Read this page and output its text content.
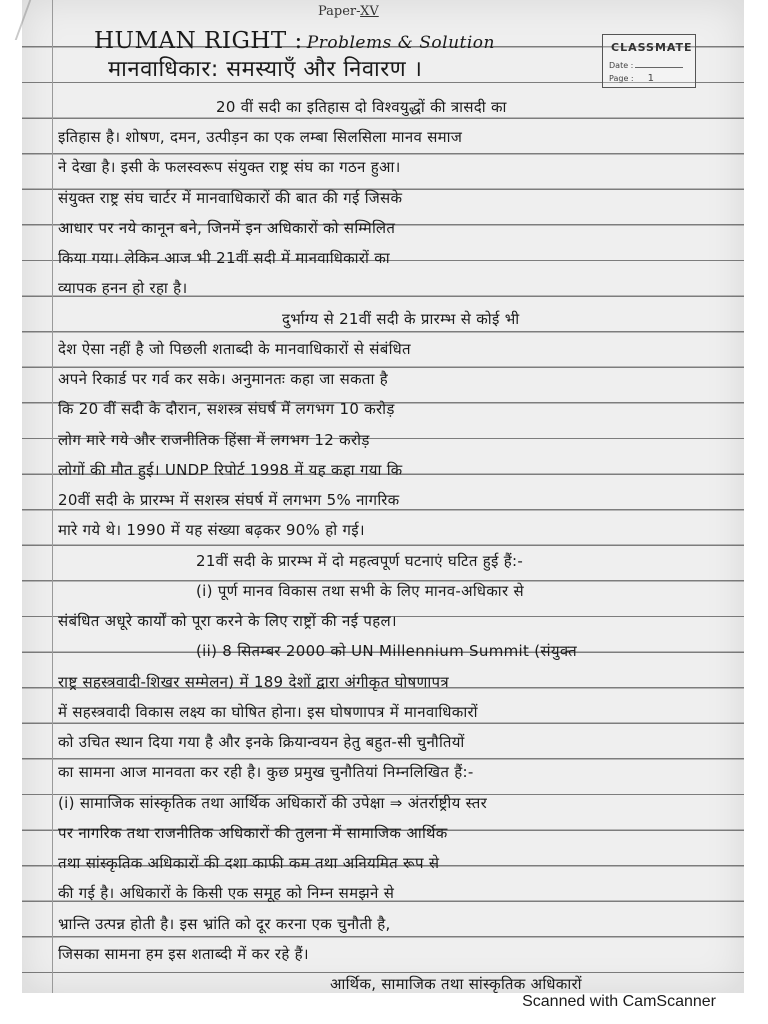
Paper-XV
HUMAN RIGHT : Problems & Solution
मानवाधिकार: समस्याएँ और निवारण ।
CLASSMATE
Date :
Page : 1
20 वीं सदी का इतिहास दो विश्वयुद्धों की त्रासदी का
इतिहास है। शोषण, दमन, उत्पीड़न का एक लम्बा सिलसिला मानव समाज
ने देखा है। इसी के फलस्वरूप संयुक्त राष्ट्र संघ का गठन हुआ।
संयुक्त राष्ट्र संघ चार्टर में मानवाधिकारों की बात की गई जिसके
आधार पर नये कानून बने, जिनमें इन अधिकारों को सम्मिलित
किया गया। लेकिन आज भी 21वीं सदी में मानवाधिकारों का
व्यापक हनन हो रहा है।
दुर्भाग्य से 21वीं सदी के प्रारम्भ से कोई भी
देश ऐसा नहीं है जो पिछली शताब्दी के मानवाधिकारों से संबंधित
अपने रिकार्ड पर गर्व कर सके। अनुमानतः कहा जा सकता है
कि 20 वीं सदी के दौरान, सशस्त्र संघर्ष में लगभग 10 करोड़
लोग मारे गये और राजनीतिक हिंसा में लगभग 12 करोड़
लोगों की मौत हुई। UNDP रिपोर्ट 1998 में यह कहा गया कि
20वीं सदी के प्रारम्भ में सशस्त्र संघर्ष में लगभग 5% नागरिक
मारे गये थे। 1990 में यह संख्या बढ़कर 90% हो गई।
21वीं सदी के प्रारम्भ में दो महत्वपूर्ण घटनाएं घटित हुई हैं:-
(i) पूर्ण मानव विकास तथा सभी के लिए मानव-अधिकार से
संबंधित अधूरे कार्यों को पूरा करने के लिए राष्ट्रों की नई पहल।
(ii) 8 सितम्बर 2000 को UN Millennium Summit (संयुक्त
राष्ट्र सहस्त्रवादी-शिखर सम्मेलन) में 189 देशों द्वारा अंगीकृत घोषणापत्र
में सहस्त्रवादी विकास लक्ष्य का घोषित होना। इस घोषणापत्र में मानवाधिकारों
को उचित स्थान दिया गया है और इनके क्रियान्वयन हेतु बहुत-सी चुनौतियों
का सामना आज मानवता कर रही है। कुछ प्रमुख चुनौतियां निम्नलिखित हैं:-
(i) सामाजिक सांस्कृतिक तथा आर्थिक अधिकारों की उपेक्षा ⇒ अंतर्राष्ट्रीय स्तर
पर नागरिक तथा राजनीतिक अधिकारों की तुलना में सामाजिक आर्थिक
तथा सांस्कृतिक अधिकारों की दशा काफी कम तथा अनियमित रूप से
की गई है। अधिकारों के किसी एक समूह को निम्न समझने से
भ्रान्ति उत्पन्न होती है। इस भ्रांति को दूर करना एक चुनौती है,
जिसका सामना हम इस शताब्दी में कर रहे हैं।
आर्थिक, सामाजिक तथा सांस्कृतिक अधिकारों
Scanned with CamScanner
